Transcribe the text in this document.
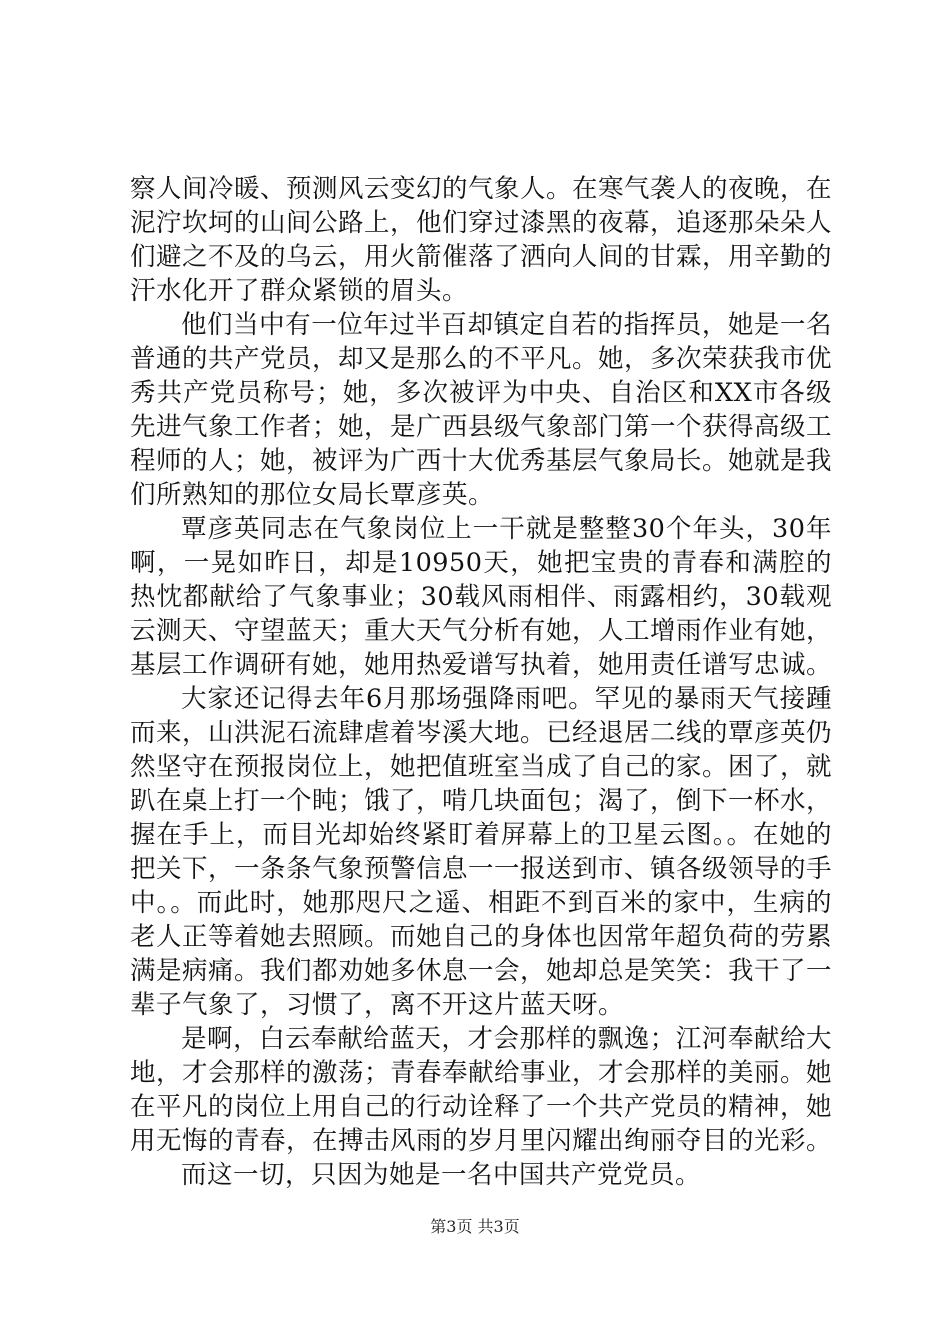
察人间冷暖、预测风云变幻的气象人。在寒气袭人的夜晚，在泥泞坎坷的山间公路上，他们穿过漆黑的夜幕，追逐那朵朵人们避之不及的乌云，用火箭催落了洒向人间的甘霖，用辛勤的汗水化开了群众紧锁的眉头。

他们当中有一位年过半百却镇定自若的指挥员，她是一名普通的共产党员，却又是那么的不平凡。她，多次荣获我市优秀共产党员称号；她，多次被评为中央、自治区和XX市各级先进气象工作者；她，是广西县级气象部门第一个获得高级工程师的人；她，被评为广西十大优秀基层气象局长。她就是我们所熟知的那位女局长覃彦英。

覃彦英同志在气象岗位上一干就是整整30个年头，30年啊，一晃如昨日，却是10950天，她把宝贵的青春和满腔的热忱都献给了气象事业；30载风雨相伴、雨露相约，30载观云测天、守望蓝天；重大天气分析有她，人工增雨作业有她，基层工作调研有她，她用热爱谱写执着，她用责任谱写忠诚。

大家还记得去年6月那场强降雨吧。罕见的暴雨天气接踵而来，山洪泥石流肆虐着岑溪大地。已经退居二线的覃彦英仍然坚守在预报岗位上，她把值班室当成了自己的家。困了，就趴在桌上打一个盹；饿了，啃几块面包；渴了，倒下一杯水，握在手上，而目光却始终紧盯着屏幕上的卫星云图。。在她的把关下，一条条气象预警信息一一报送到市、镇各级领导的手中。。而此时，她那咫尺之遥、相距不到百米的家中，生病的老人正等着她去照顾。而她自己的身体也因常年超负荷的劳累满是病痛。我们都劝她多休息一会，她却总是笑笑：我干了一辈子气象了，习惯了，离不开这片蓝天呀。

是啊，白云奉献给蓝天，才会那样的飘逸；江河奉献给大地，才会那样的激荡；青春奉献给事业，才会那样的美丽。她在平凡的岗位上用自己的行动诠释了一个共产党员的精神，她用无悔的青春，在搏击风雨的岁月里闪耀出绚丽夺目的光彩。

而这一切，只因为她是一名中国共产党党员。

第3页 共3页
